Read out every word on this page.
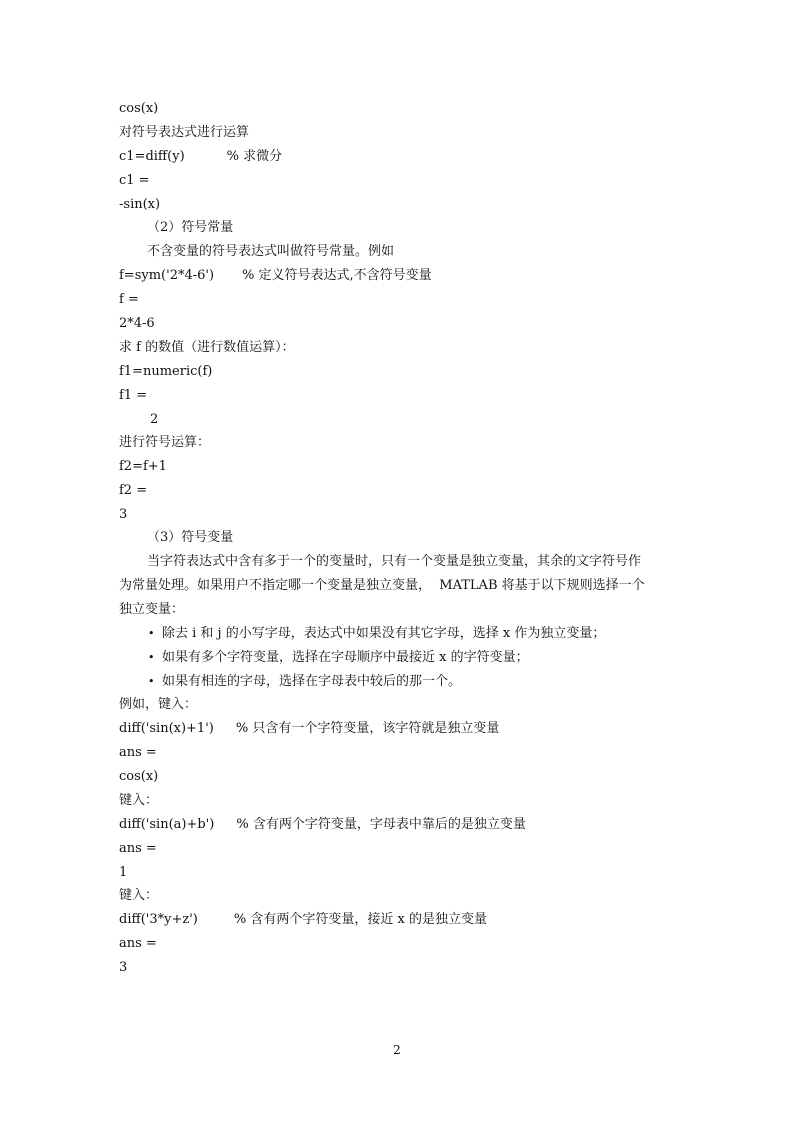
cos(x)
对符号表达式进行运算
c1=diff(y)	% 求微分
c1 =
-sin(x)
（2）符号常量
不含变量的符号表达式叫做符号常量。例如
f=sym('2*4-6') % 定义符号表达式,不含符号变量
f =
2*4-6
求 f 的数值（进行数值运算）：
f1=numeric(f)
f1 =
2
进行符号运算：
f2=f+1
f2 =
3
（3）符号变量
当字符表达式中含有多于一个的变量时，只有一个变量是独立变量，其余的文字符号作
为常量处理。如果用户不指定哪一个变量是独立变量，  MATLAB 将基于以下规则选择一个
独立变量：
• 除去 i 和 j 的小写字母，表达式中如果没有其它字母，选择 x 作为独立变量；
• 如果有多个字符变量，选择在字母顺序中最接近 x 的字符变量；
• 如果有相连的字母，选择在字母表中较后的那一个。
例如，键入：
diff('sin(x)+1') % 只含有一个字符变量，该字符就是独立变量
ans =
cos(x)
键入：
diff('sin(a)+b') % 含有两个字符变量，字母表中靠后的是独立变量
ans =
1
键入：
diff('3*y+z')	% 含有两个字符变量，接近 x 的是独立变量
ans =
3
2
